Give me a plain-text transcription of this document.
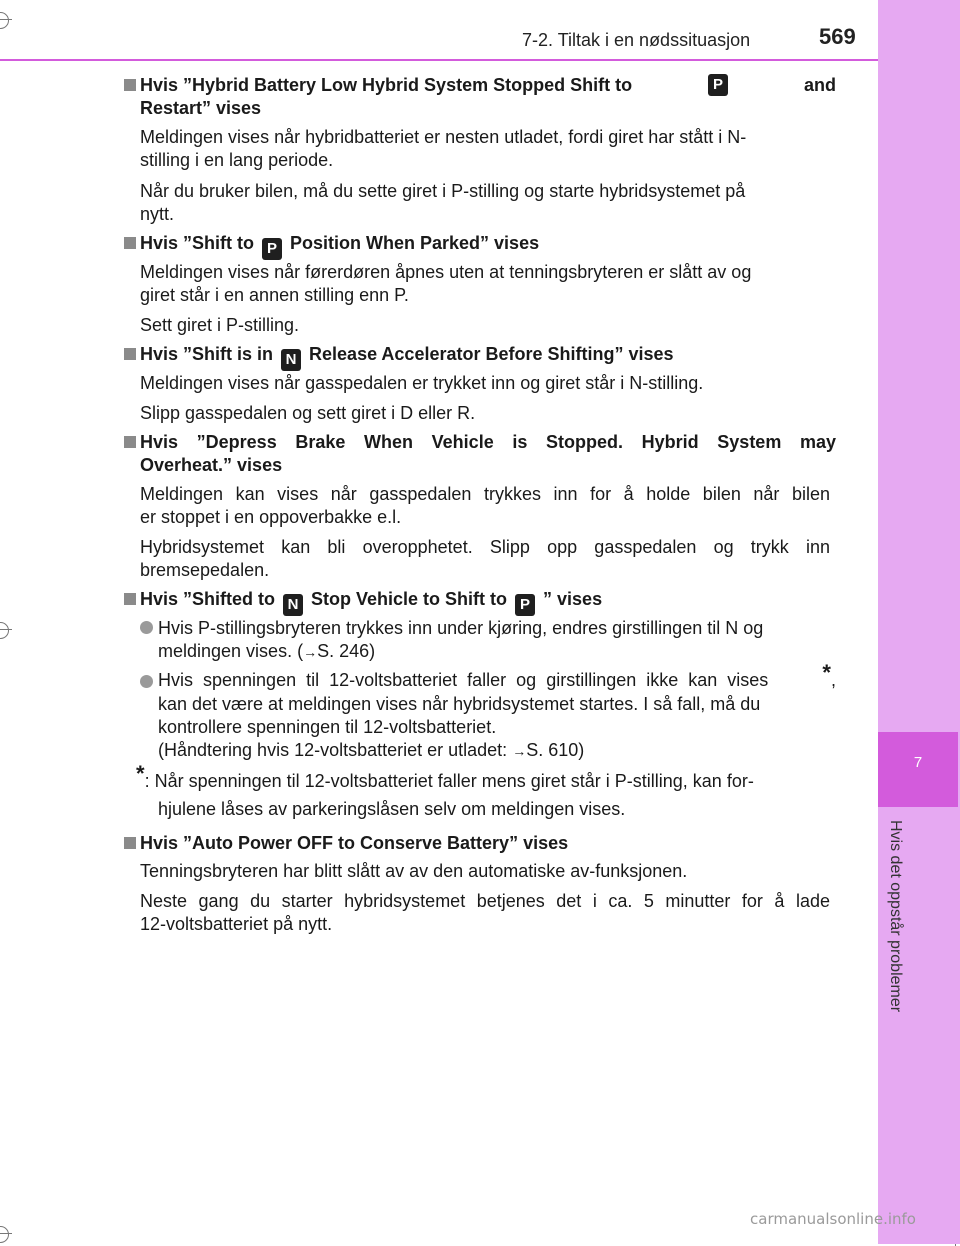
7
Hvis det oppstår problemer
7-2. Tiltak i en nødssituasjon	569
Hvis ”Hybrid Battery Low Hybrid System Stopped Shift to	P	and
Restart” vises
Meldingen vises når hybridbatteriet er nesten utladet, fordi giret har stått i N-
stilling i en lang periode.
Når du bruker bilen, må du sette giret i P-stilling og starte hybridsystemet på
nytt.
Hvis ”Shift to P Position When Parked” vises
Meldingen vises når førerdøren åpnes uten at tenningsbryteren er slått av og
giret står i en annen stilling enn P.
Sett giret i P-stilling.
Hvis ”Shift is in N Release Accelerator Before Shifting” vises
Meldingen vises når gasspedalen er trykket inn og giret står i N-stilling.
Slipp gasspedalen og sett giret i D eller R.
Hvis ”Depress Brake When Vehicle is Stopped. Hybrid System may
Overheat.” vises
Meldingen kan vises når gasspedalen trykkes inn for å holde bilen når bilen
er stoppet i en oppoverbakke e.l.
Hybridsystemet kan bli overopphetet. Slipp opp gasspedalen og trykk inn
bremsepedalen.
Hvis ”Shifted to N Stop Vehicle to Shift to P ” vises
Hvis P-stillingsbryteren trykkes inn under kjøring, endres girstillingen til N og
meldingen vises. (→S. 246)
Hvis spenningen til 12-voltsbatteriet faller og girstillingen ikke kan vises *,
kan det være at meldingen vises når hybridsystemet startes. I så fall, må du
kontrollere spenningen til 12-voltsbatteriet.
(Håndtering hvis 12-voltsbatteriet er utladet: →S. 610)
*: Når spenningen til 12-voltsbatteriet faller mens giret står i P-stilling, kan for-
hjulene låses av parkeringslåsen selv om meldingen vises.
Hvis ”Auto Power OFF to Conserve Battery” vises
Tenningsbryteren har blitt slått av av den automatiske av-funksjonen.
Neste gang du starter hybridsystemet betjenes det i ca. 5 minutter for å lade
12-voltsbatteriet på nytt.
carmanualsonline.info
